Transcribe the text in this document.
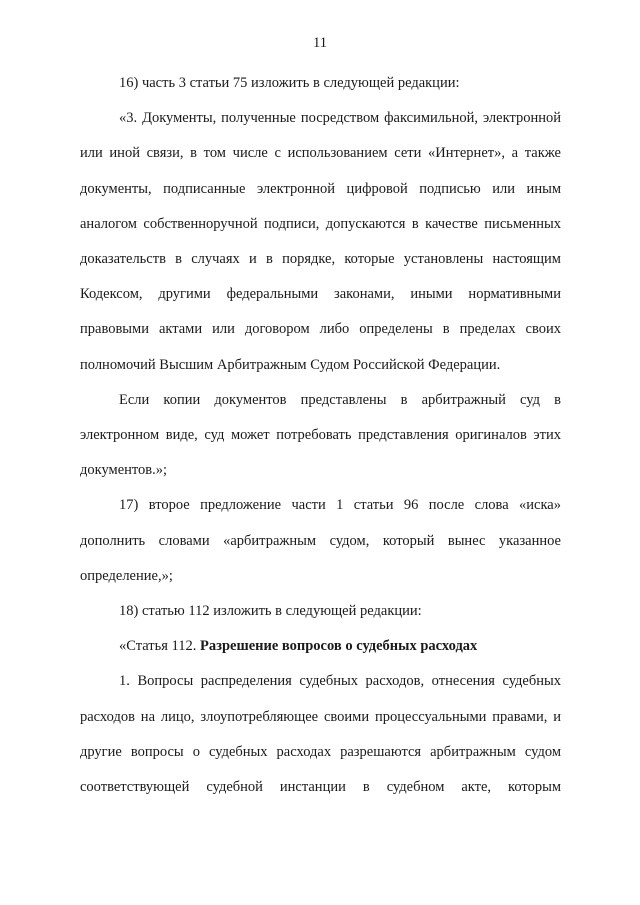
11

16) часть 3 статьи 75 изложить в следующей редакции:

«3. Документы, полученные посредством факсимильной, электронной или иной связи, в том числе с использованием сети «Интернет», а также документы, подписанные электронной цифровой подписью или иным аналогом собственноручной подписи, допускаются в качестве письменных доказательств в случаях и в порядке, которые установлены настоящим Кодексом, другими федеральными законами, иными нормативными правовыми актами или договором либо определены в пределах своих полномочий Высшим Арбитражным Судом Российской Федерации.

Если копии документов представлены в арбитражный суд в электронном виде, суд может потребовать представления оригиналов этих документов.»;

17) второе предложение части 1 статьи 96 после слова «иска» дополнить словами «арбитражным судом, который вынес указанное определение,»;

18) статью 112 изложить в следующей редакции:

«Статья 112. Разрешение вопросов о судебных расходах

1. Вопросы распределения судебных расходов, отнесения судебных расходов на лицо, злоупотребляющее своими процессуальными правами, и другие вопросы о судебных расходах разрешаются арбитражным судом соответствующей судебной инстанции в судебном акте, которым
